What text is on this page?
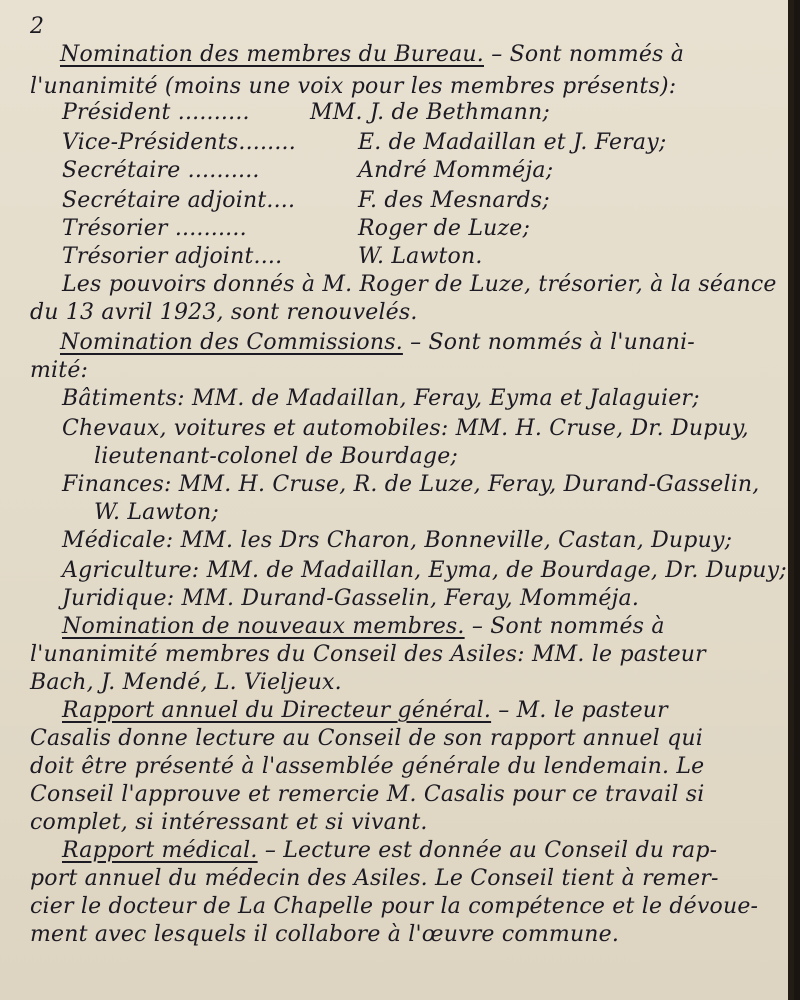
2
Nomination des membres du Bureau. – Sont nommés à
l'unanimité (moins une voix pour les membres présents):
Président ..........	MM. J. de Bethmann;
Vice-Présidents........	E. de Madaillan et J. Feray;
Secrétaire ..........	André Momméja;
Secrétaire adjoint....	F. des Mesnards;
Trésorier ..........	Roger de Luze;
Trésorier adjoint....	W. Lawton.
Les pouvoirs donnés à M. Roger de Luze, trésorier, à la séance
du 13 avril 1923, sont renouvelés.
Nomination des Commissions. – Sont nommés à l'unani-
mité:
Bâtiments: MM. de Madaillan, Feray, Eyma et Jalaguier;
Chevaux, voitures et automobiles: MM. H. Cruse, Dr. Dupuy,
lieutenant-colonel de Bourdage;
Finances: MM. H. Cruse, R. de Luze, Feray, Durand-Gasselin,
W. Lawton;
Médicale: MM. les Drs Charon, Bonneville, Castan, Dupuy;
Agriculture: MM. de Madaillan, Eyma, de Bourdage, Dr. Dupuy;
Juridique: MM. Durand-Gasselin, Feray, Momméja.
Nomination de nouveaux membres. – Sont nommés à
l'unanimité membres du Conseil des Asiles: MM. le pasteur
Bach, J. Mendé, L. Vieljeux.
Rapport annuel du Directeur général. – M. le pasteur
Casalis donne lecture au Conseil de son rapport annuel qui
doit être présenté à l'assemblée générale du lendemain. Le
Conseil l'approuve et remercie M. Casalis pour ce travail si
complet, si intéressant et si vivant.
Rapport médical. – Lecture est donnée au Conseil du rap-
port annuel du médecin des Asiles. Le Conseil tient à remer-
cier le docteur de La Chapelle pour la compétence et le dévoue-
ment avec lesquels il collabore à l'œuvre commune.
